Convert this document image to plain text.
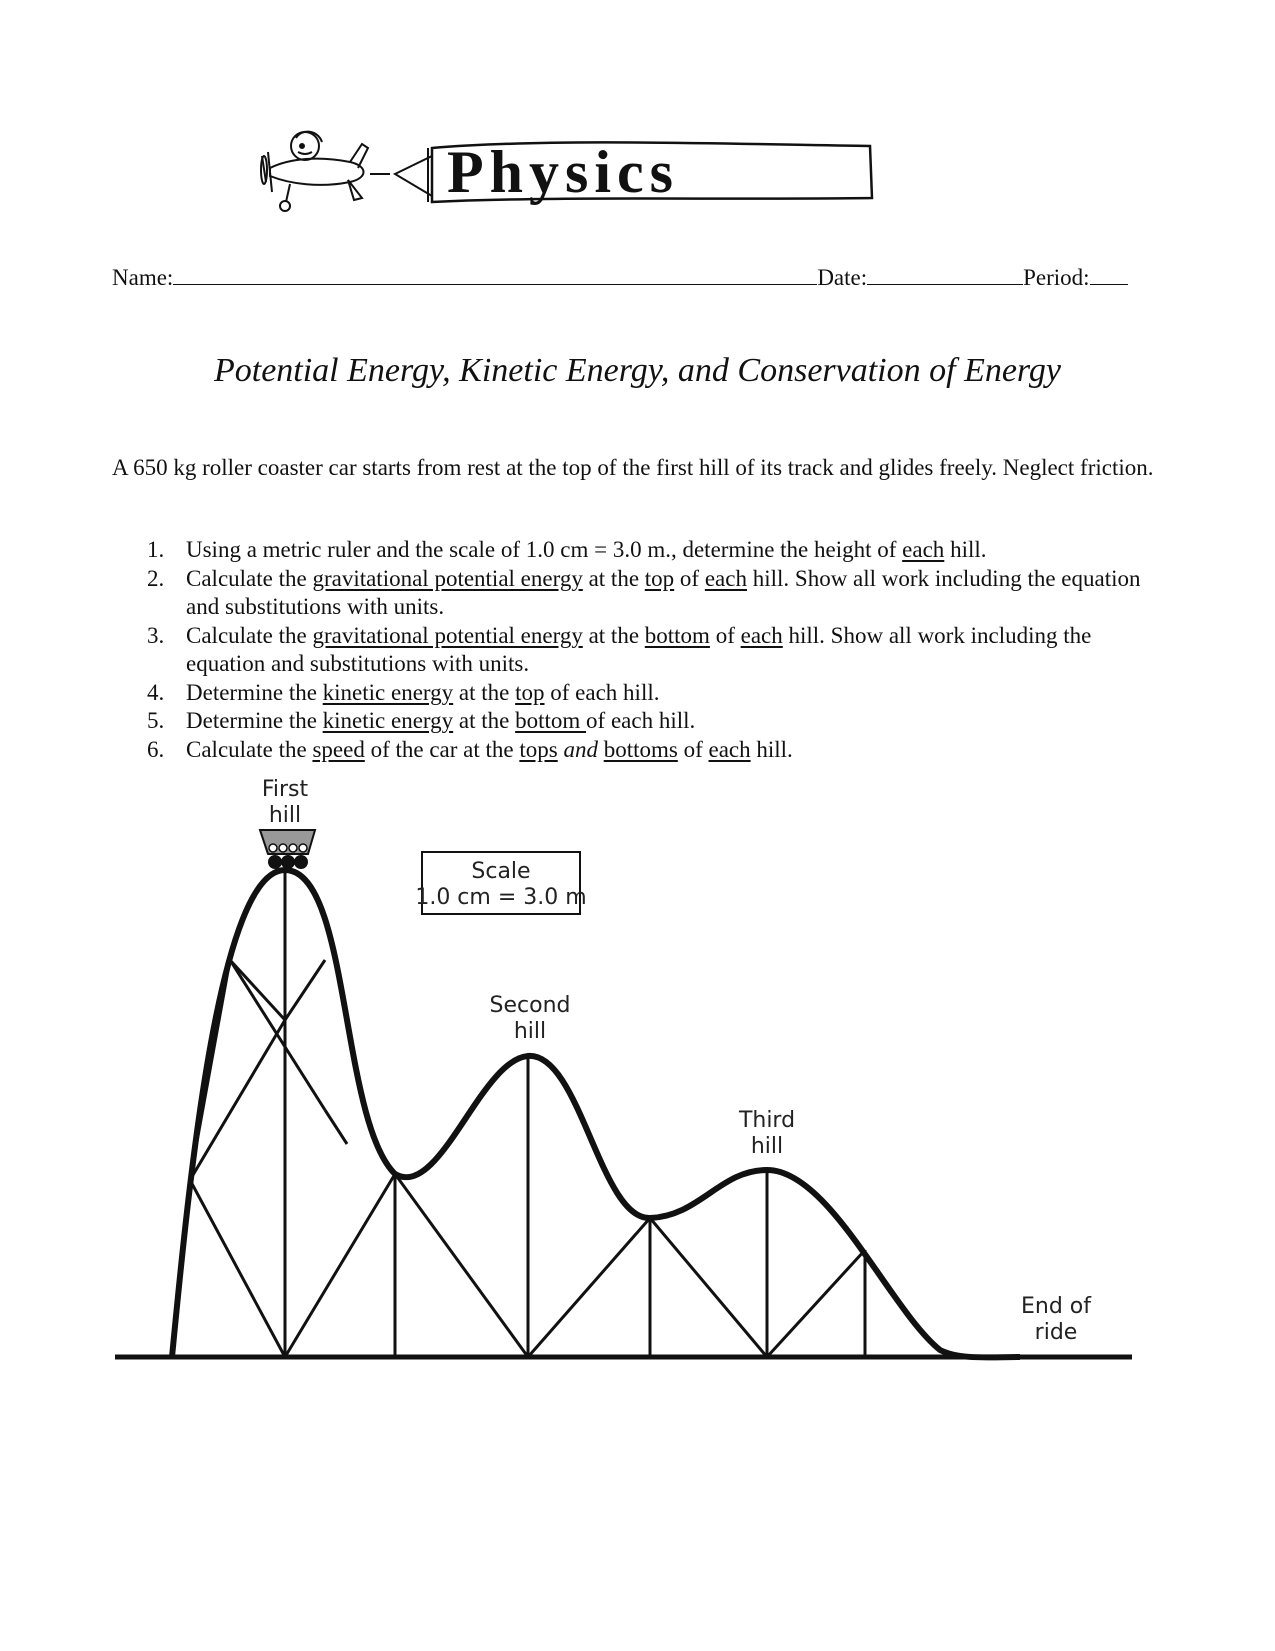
Physics
Name:	Date:	Period:
Potential Energy, Kinetic Energy, and Conservation of Energy
A 650 kg roller coaster car starts from rest at the top of the first hill of its track and glides freely. Neglect friction.
1. Using a metric ruler and the scale of 1.0 cm = 3.0 m., determine the height of each hill.
2. Calculate the gravitational potential energy at the top of each hill. Show all work including the equation and substitutions with units.
3. Calculate the gravitational potential energy at the bottom of each hill. Show all work including the equation and substitutions with units.
4. Determine the kinetic energy at the top of each hill.
5. Determine the kinetic energy at the bottom of each hill.
6. Calculate the speed of the car at the tops and bottoms of each hill.
First
hill
Scale
1.0 cm = 3.0 m
Second
hill
Third
hill
End of
ride
